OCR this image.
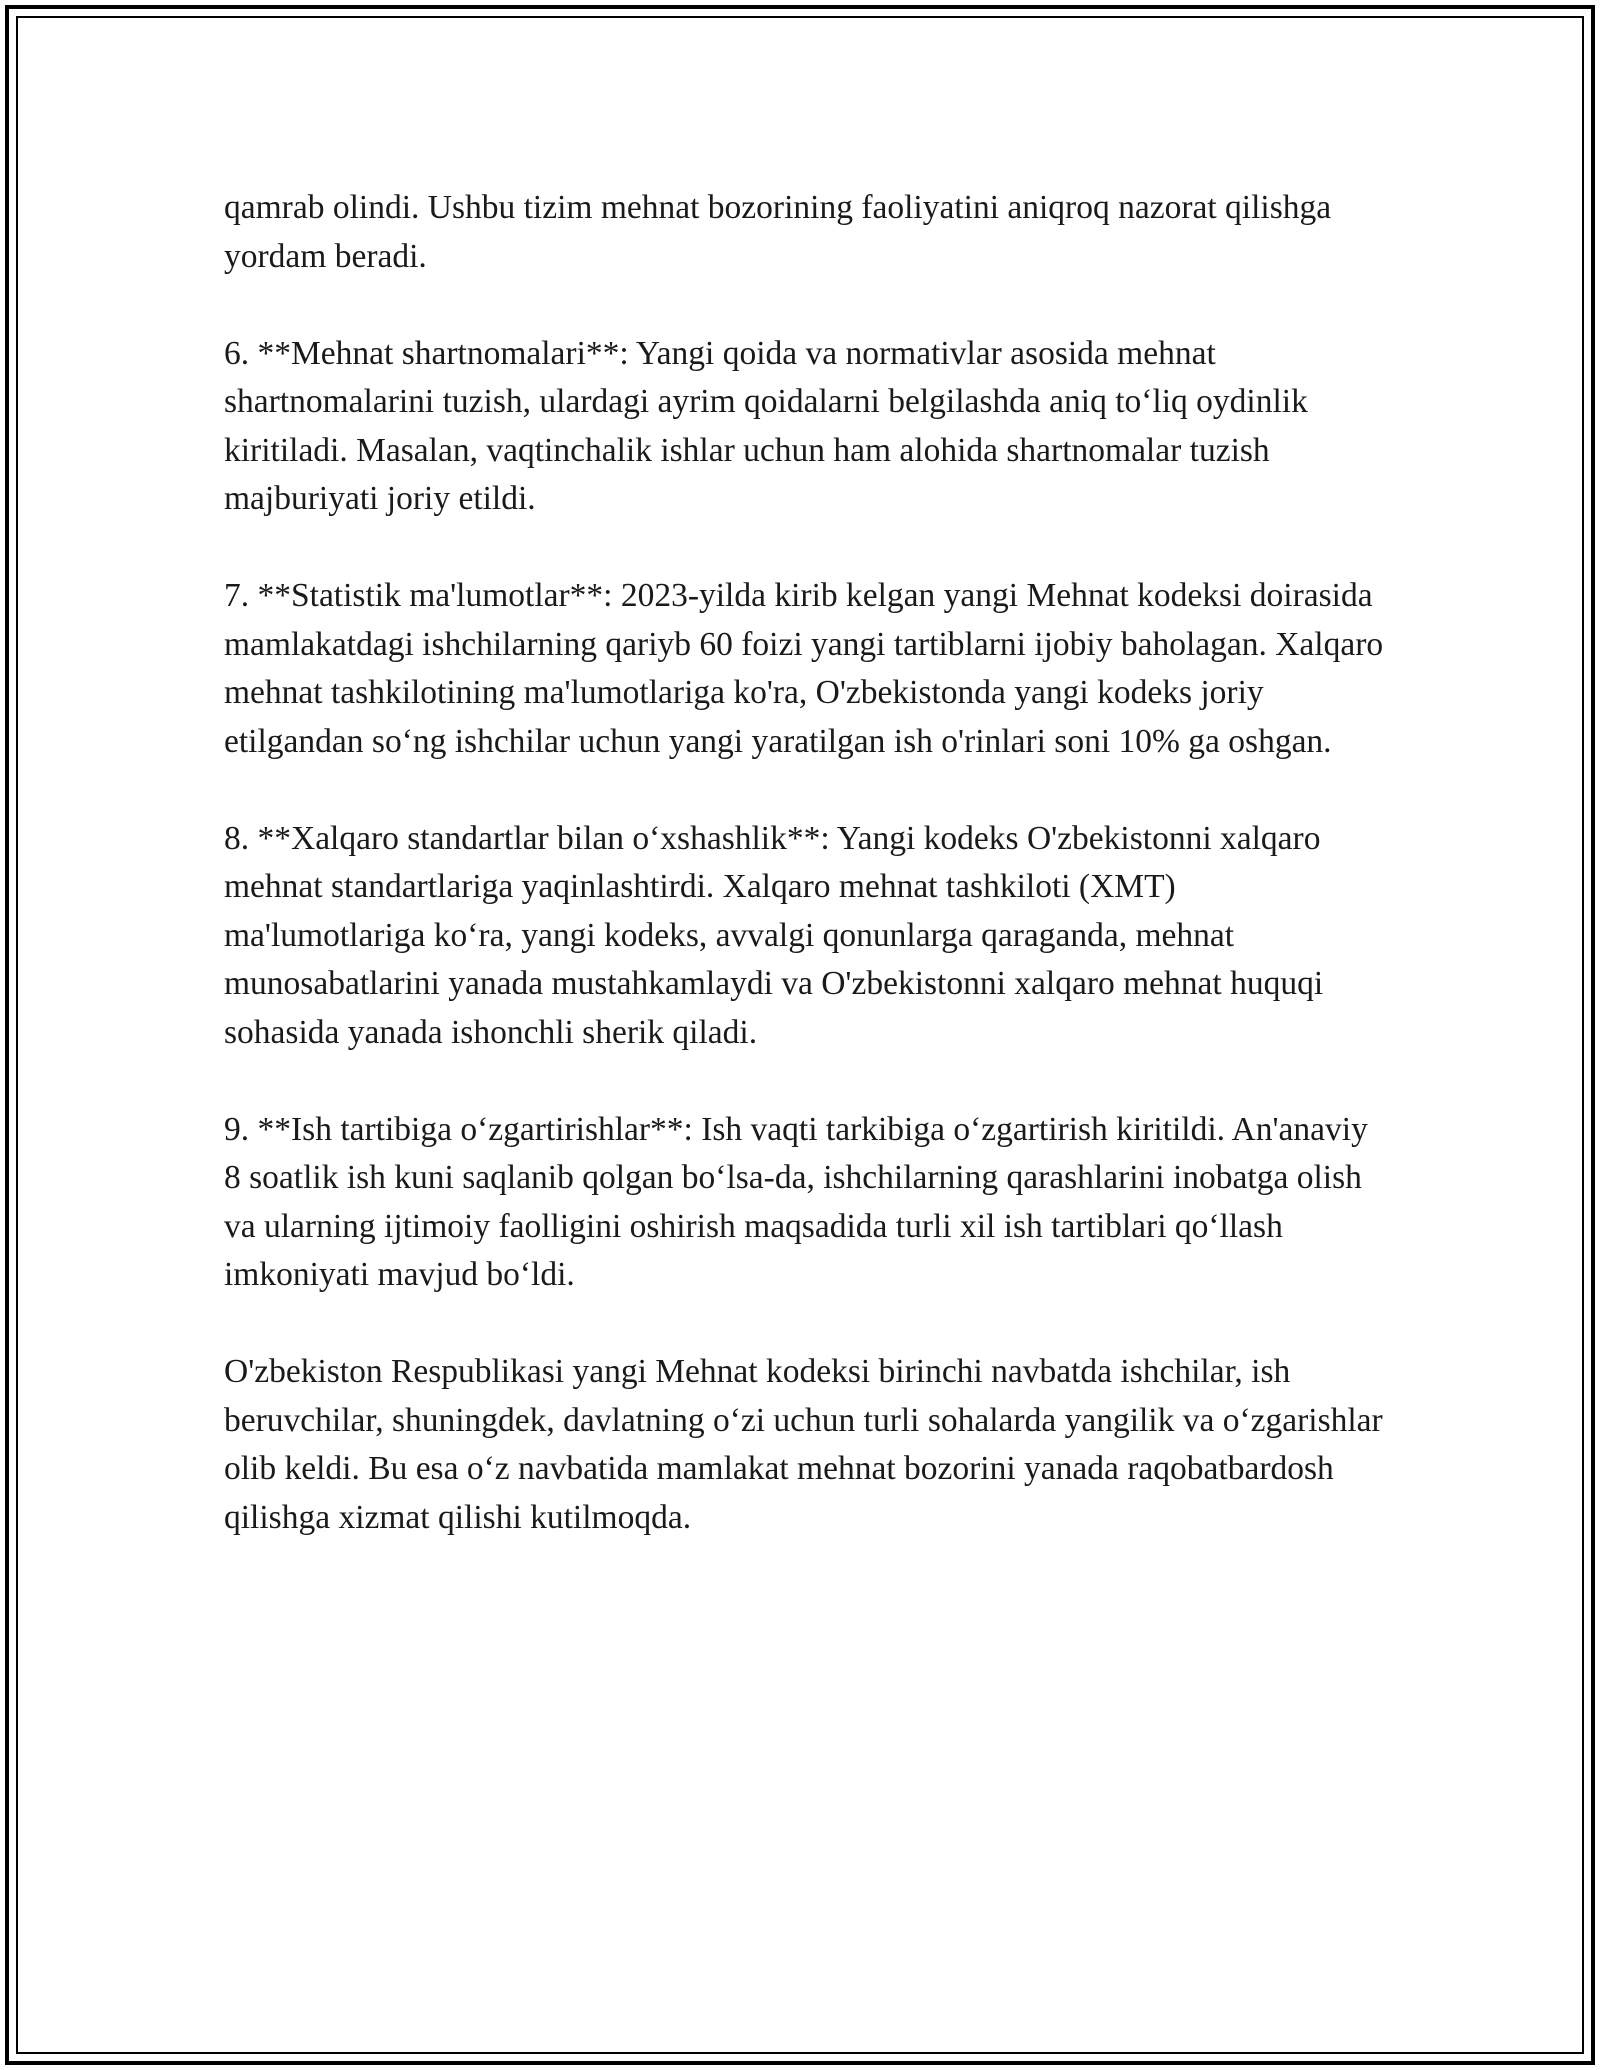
qamrab olindi. Ushbu tizim mehnat bozorining faoliyatini aniqroq nazorat qilishga yordam beradi.

6. **Mehnat shartnomalari**: Yangi qoida va normativlar asosida mehnat shartnomalarini tuzish, ulardagi ayrim qoidalarni belgilashda aniq to‘liq oydinlik kiritiladi. Masalan, vaqtinchalik ishlar uchun ham alohida shartnomalar tuzish majburiyati joriy etildi.

7. **Statistik ma'lumotlar**: 2023-yilda kirib kelgan yangi Mehnat kodeksi doirasida mamlakatdagi ishchilarning qariyb 60 foizi yangi tartiblarni ijobiy baholagan. Xalqaro mehnat tashkilotining ma'lumotlariga ko'ra, O'zbekistonda yangi kodeks joriy etilgandan so‘ng ishchilar uchun yangi yaratilgan ish o'rinlari soni 10% ga oshgan.

8. **Xalqaro standartlar bilan o‘xshashlik**: Yangi kodeks O'zbekistonni xalqaro mehnat standartlariga yaqinlashtirdi. Xalqaro mehnat tashkiloti (XMT) ma'lumotlariga ko‘ra, yangi kodeks, avvalgi qonunlarga qaraganda, mehnat munosabatlarini yanada mustahkamlaydi va O'zbekistonni xalqaro mehnat huquqi sohasida yanada ishonchli sherik qiladi.

9. **Ish tartibiga o‘zgartirishlar**: Ish vaqti tarkibiga o‘zgartirish kiritildi. An'anaviy 8 soatlik ish kuni saqlanib qolgan bo‘lsa-da, ishchilarning qarashlarini inobatga olish va ularning ijtimoiy faolligini oshirish maqsadida turli xil ish tartiblari qo‘llash imkoniyati mavjud bo‘ldi.

O'zbekiston Respublikasi yangi Mehnat kodeksi birinchi navbatda ishchilar, ish beruvchilar, shuningdek, davlatning o‘zi uchun turli sohalarda yangilik va o‘zgarishlar olib keldi. Bu esa o‘z navbatida mamlakat mehnat bozorini yanada raqobatbardosh qilishga xizmat qilishi kutilmoqda.
